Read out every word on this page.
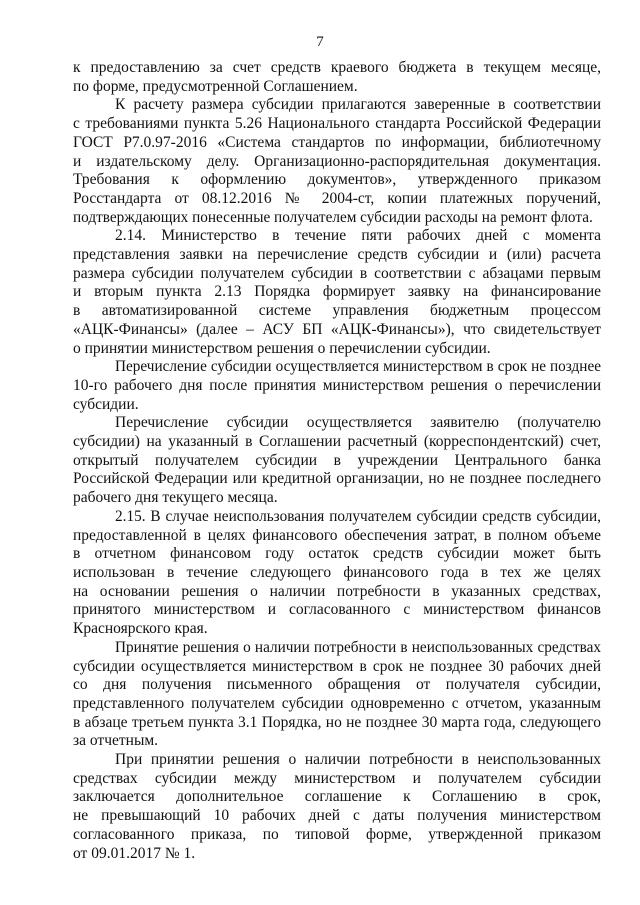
7
к предоставлению за счет средств краевого бюджета в текущем месяце,
по форме, предусмотренной Соглашением.
К расчету размера субсидии прилагаются заверенные в соответствии
с требованиями пункта 5.26 Национального стандарта Российской Федерации
ГОСТ Р7.0.97-2016 «Система стандартов по информации, библиотечному
и издательскому делу. Организационно-распорядительная документация.
Требования к оформлению документов», утвержденного приказом
Росстандарта от 08.12.2016 № 2004-ст, копии платежных поручений,
подтверждающих понесенные получателем субсидии расходы на ремонт флота.
2.14. Министерство в течение пяти рабочих дней с момента
представления заявки на перечисление средств субсидии и (или) расчета
размера субсидии получателем субсидии в соответствии с абзацами первым
и вторым пункта 2.13 Порядка формирует заявку на финансирование
в автоматизированной системе управления бюджетным процессом
«АЦК-Финансы» (далее – АСУ БП «АЦК-Финансы»), что свидетельствует
о принятии министерством решения о перечислении субсидии.
Перечисление субсидии осуществляется министерством в срок не позднее
10-го рабочего дня после принятия министерством решения о перечислении
субсидии.
Перечисление субсидии осуществляется заявителю (получателю
субсидии) на указанный в Соглашении расчетный (корреспондентский) счет,
открытый получателем субсидии в учреждении Центрального банка
Российской Федерации или кредитной организации, но не позднее последнего
рабочего дня текущего месяца.
2.15. В случае неиспользования получателем субсидии средств субсидии,
предоставленной в целях финансового обеспечения затрат, в полном объеме
в отчетном финансовом году остаток средств субсидии может быть
использован в течение следующего финансового года в тех же целях
на основании решения о наличии потребности в указанных средствах,
принятого министерством и согласованного с министерством финансов
Красноярского края.
Принятие решения о наличии потребности в неиспользованных средствах
субсидии осуществляется министерством в срок не позднее 30 рабочих дней
со дня получения письменного обращения от получателя субсидии,
представленного получателем субсидии одновременно с отчетом, указанным
в абзаце третьем пункта 3.1 Порядка, но не позднее 30 марта года, следующего
за отчетным.
При принятии решения о наличии потребности в неиспользованных
средствах субсидии между министерством и получателем субсидии
заключается дополнительное соглашение к Соглашению в срок,
не превышающий 10 рабочих дней с даты получения министерством
согласованного приказа, по типовой форме, утвержденной приказом
от 09.01.2017 № 1.
